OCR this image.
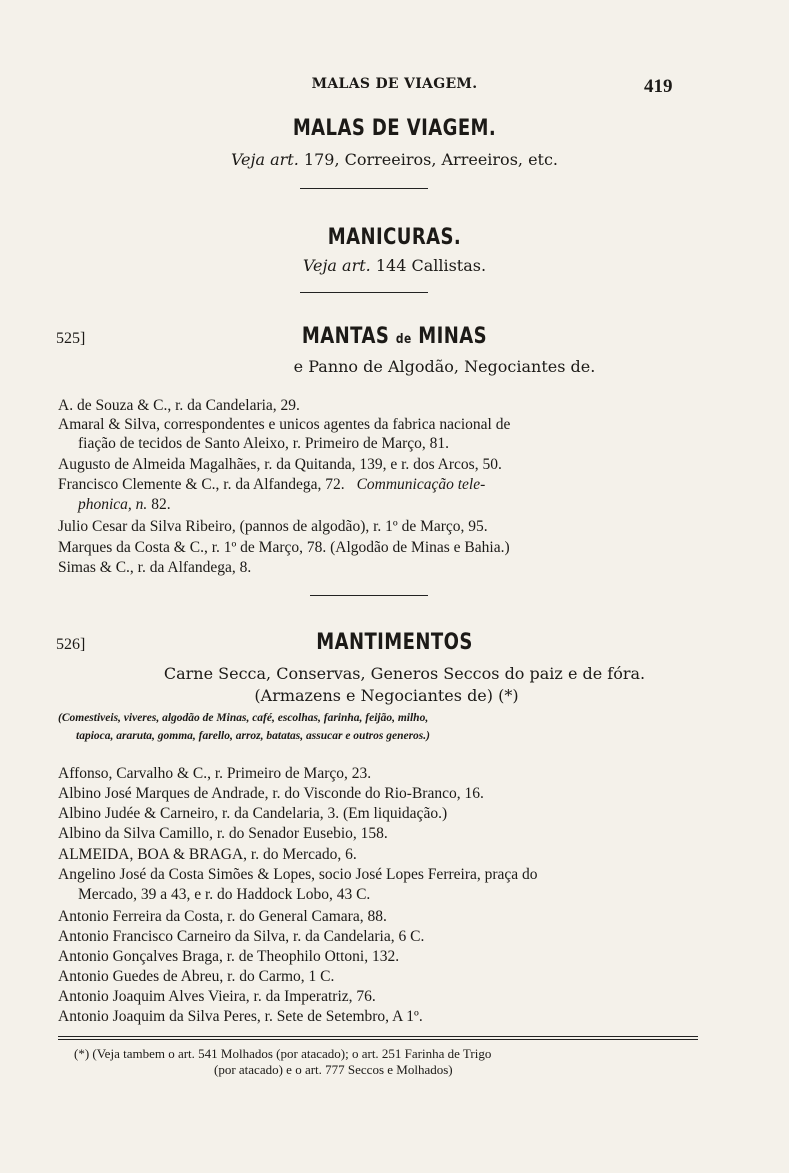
MALAS DE VIAGEM.	419
MALAS DE VIAGEM.
Veja art. 179, Correeiros, Arreeiros, etc.
MANICURAS.
Veja art. 144 Callistas.
525]	MANTAS de MINAS
e Panno de Algodão, Negociantes de.
A. de Souza & C., r. da Candelaria, 29.
Amaral & Silva, correspondentes e unicos agentes da fabrica nacional de
fiação de tecidos de Santo Aleixo, r. Primeiro de Março, 81.
Augusto de Almeida Magalhães, r. da Quitanda, 139, e r. dos Arcos, 50.
Francisco Clemente & C., r. da Alfandega, 72. Communicação tele-
phonica, n. 82.
Julio Cesar da Silva Ribeiro, (pannos de algodão), r. 1º de Março, 95.
Marques da Costa & C., r. 1º de Março, 78. (Algodão de Minas e Bahia.)
Simas & C., r. da Alfandega, 8.
526]	MANTIMENTOS
Carne Secca, Conservas, Generos Seccos do paiz e de fóra.
(Armazens e Negociantes de) (*)
(Comestiveis, viveres, algodão de Minas, café, escolhas, farinha, feijão, milho,
tapioca, araruta, gomma, farello, arroz, batatas, assucar e outros generos.)
Affonso, Carvalho & C., r. Primeiro de Março, 23.
Albino José Marques de Andrade, r. do Visconde do Rio-Branco, 16.
Albino Judée & Carneiro, r. da Candelaria, 3. (Em liquidação.)
Albino da Silva Camillo, r. do Senador Eusebio, 158.
ALMEIDA, BOA & BRAGA, r. do Mercado, 6.
Angelino José da Costa Simões & Lopes, socio José Lopes Ferreira, praça do
Mercado, 39 a 43, e r. do Haddock Lobo, 43 C.
Antonio Ferreira da Costa, r. do General Camara, 88.
Antonio Francisco Carneiro da Silva, r. da Candelaria, 6 C.
Antonio Gonçalves Braga, r. de Theophilo Ottoni, 132.
Antonio Guedes de Abreu, r. do Carmo, 1 C.
Antonio Joaquim Alves Vieira, r. da Imperatriz, 76.
Antonio Joaquim da Silva Peres, r. Sete de Setembro, A 1º.
(*) (Veja tambem o art. 541 Molhados (por atacado); o art. 251 Farinha de Trigo
(por atacado) e o art. 777 Seccos e Molhados)
